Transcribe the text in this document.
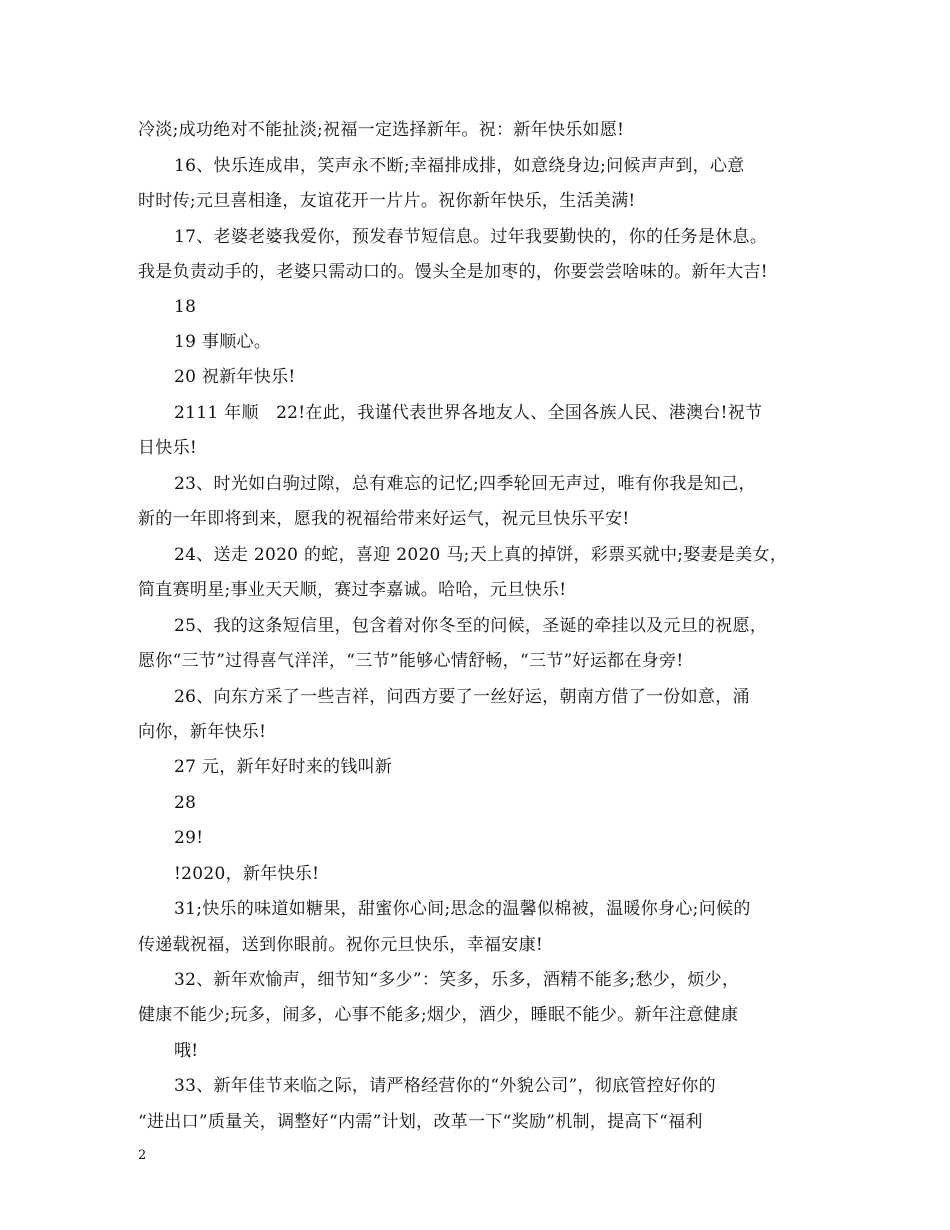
冷淡;成功绝对不能扯淡;祝福一定选择新年。祝：新年快乐如愿!
16、快乐连成串，笑声永不断;幸福排成排，如意绕身边;问候声声到，心意
时时传;元旦喜相逢，友谊花开一片片。祝你新年快乐，生活美满!
17、老婆老婆我爱你，预发春节短信息。过年我要勤快的，你的任务是休息。
我是负责动手的，老婆只需动口的。馒头全是加枣的，你要尝尝啥味的。新年大吉!
18
19 事顺心。
20 祝新年快乐!
2111 年顺　22!在此，我谨代表世界各地友人、全国各族人民、港澳台!祝节
日快乐!
23、时光如白驹过隙，总有难忘的记忆;四季轮回无声过，唯有你我是知己，
新的一年即将到来，愿我的祝福给带来好运气，祝元旦快乐平安!
24、送走 2020 的蛇，喜迎 2020 马;天上真的掉饼，彩票买就中;娶妻是美女，
简直赛明星;事业天天顺，赛过李嘉诚。哈哈，元旦快乐!
25、我的这条短信里，包含着对你冬至的问候，圣诞的牵挂以及元旦的祝愿，
愿你“三节”过得喜气洋洋，“三节”能够心情舒畅，“三节”好运都在身旁!
26、向东方采了一些吉祥，问西方要了一丝好运，朝南方借了一份如意，涌
向你，新年快乐!
27 元，新年好时来的钱叫新
28
29!
!2020，新年快乐!
31;快乐的味道如糖果，甜蜜你心间;思念的温馨似棉被，温暖你身心;问候的
传递载祝福，送到你眼前。祝你元旦快乐，幸福安康!
32、新年欢愉声，细节知“多少”：笑多，乐多，酒精不能多;愁少，烦少，
健康不能少;玩多，闹多，心事不能多;烟少，酒少，睡眠不能少。新年注意健康
哦!
33、新年佳节来临之际，请严格经营你的“外貌公司”，彻底管控好你的
“进出口”质量关，调整好“内需”计划，改革一下“奖励”机制，提高下“福利
2
